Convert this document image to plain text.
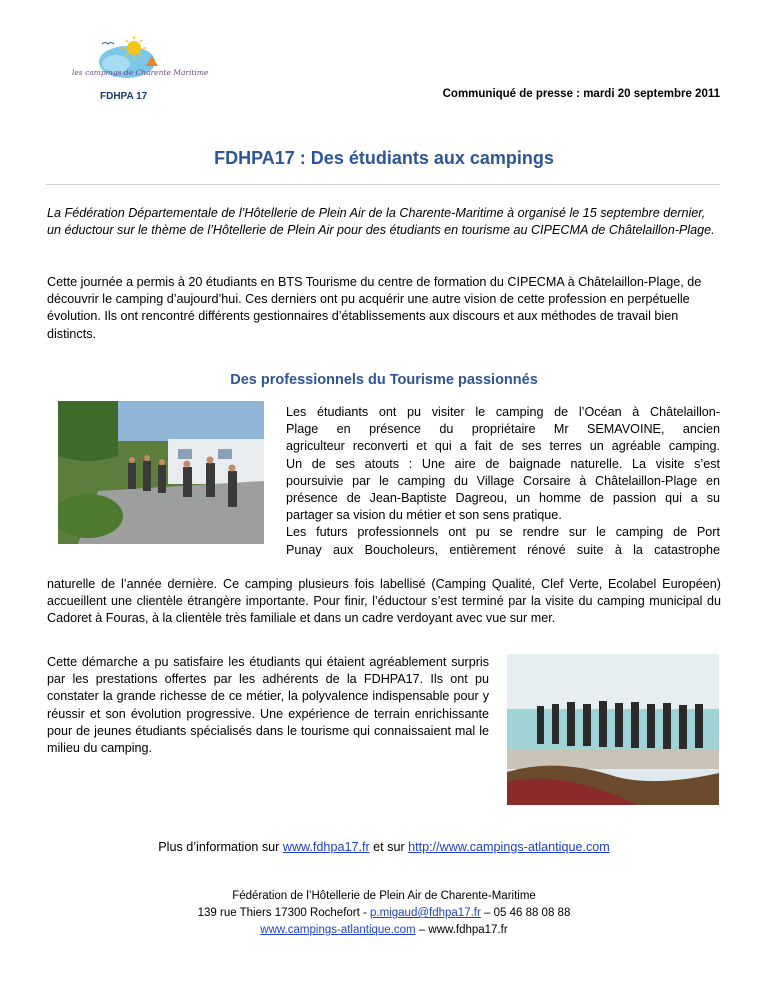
les campings de Charente Maritime
FDHPA 17	Communiqué de presse : mardi 20 septembre 2011
FDHPA17 : Des étudiants aux campings
La Fédération Départementale de l’Hôtellerie de Plein Air de la Charente-Maritime à organisé le 15 septembre dernier, un éductour sur le thème de l’Hôtellerie de Plein Air pour des étudiants en tourisme au CIPECMA de Châtelaillon-Plage.
Cette journée a permis à 20 étudiants en BTS Tourisme du centre de formation du CIPECMA à Châtelaillon-Plage, de découvrir le camping d’aujourd’hui. Ces derniers ont pu acquérir une autre vision de cette profession en perpétuelle évolution. Ils ont rencontré différents gestionnaires d’établissements aux discours et aux méthodes de travail bien distincts.
Des professionnels du Tourisme passionnés
Les étudiants ont pu visiter le camping de l’Océan à Châtelaillon-
Plage en présence du propriétaire Mr SEMAVOINE, ancien
agriculteur reconverti et qui a fait de ses terres un agréable camping.
Un de ses atouts : Une aire de baignade naturelle. La visite s’est
poursuivie par le camping du Village Corsaire à Châtelaillon-Plage en
présence de Jean-Baptiste Dagreou, un homme de passion qui a su
partager sa vision du métier et son sens pratique.
Les futurs professionnels ont pu se rendre sur le camping de Port
Punay aux Boucholeurs, entièrement rénové suite à la catastrophe
naturelle de l’année dernière. Ce camping plusieurs fois labellisé (Camping Qualité, Clef Verte, Ecolabel Européen) accueillent une clientèle étrangère importante. Pour finir, l’éductour s’est terminé par la visite du camping municipal du Cadoret à Fouras, à la clientèle très familiale et dans un cadre verdoyant avec vue sur mer.
Cette démarche a pu satisfaire les étudiants qui étaient agréablement surpris par les prestations offertes par les adhérents de la FDHPA17. Ils ont pu constater la grande richesse de ce métier, la polyvalence indispensable pour y réussir et son évolution progressive. Une expérience de terrain enrichissante pour de jeunes étudiants spécialisés dans le tourisme qui connaissaient mal le milieu du camping.
Plus d’information sur www.fdhpa17.fr et sur http://www.campings-atlantique.com
Fédération de l’Hôtellerie de Plein Air de Charente-Maritime
139 rue Thiers 17300 Rochefort - p.migaud@fdhpa17.fr – 05 46 88 08 88
www.campings-atlantique.com – www.fdhpa17.fr
